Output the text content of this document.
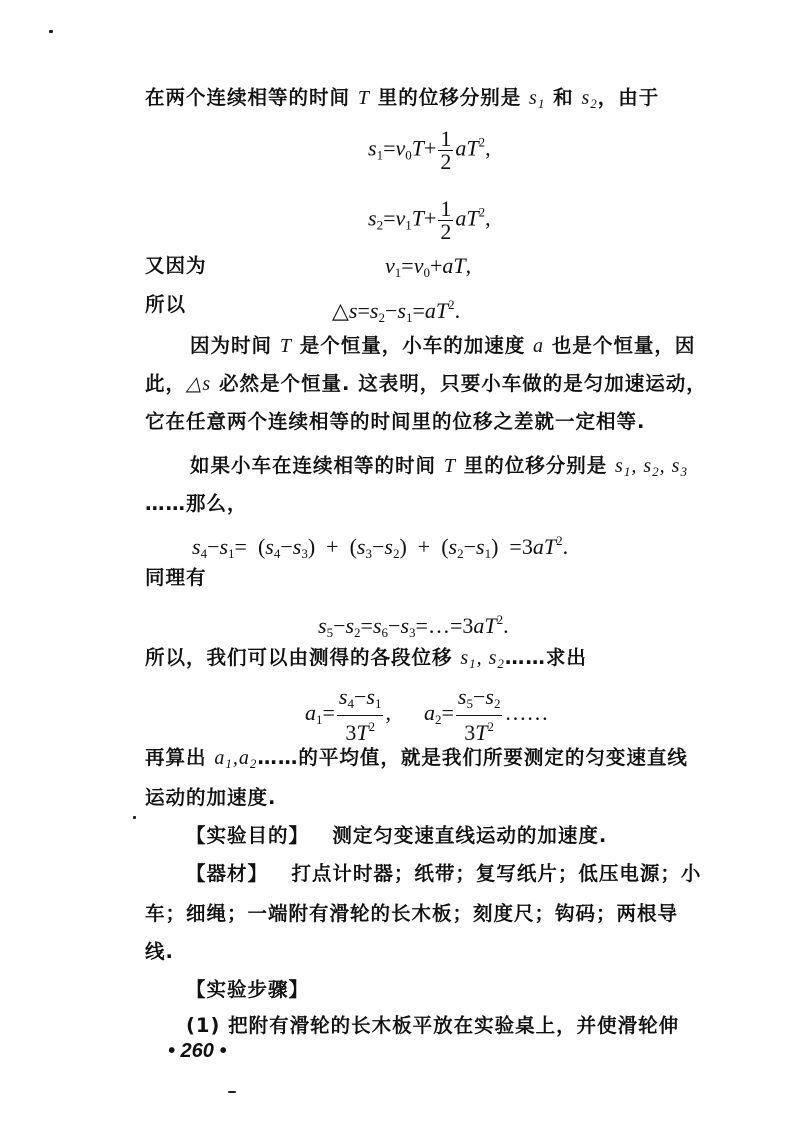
在两个连续相等的时间 T 里的位移分别是 $s_1$ 和 $s_2$，由于
$s_1=v_0T+ \frac{1}{2} aT^2$,
$s_2=v_1T+ \frac{1}{2} aT^2$,
又因为	$v_1=v_0+aT$,
所以	$\triangle s=s_2-s_1=aT^2$.
因为时间 T 是个恒量，小车的加速度 a 也是个恒量，因
此，△s 必然是个恒量. 这表明，只要小车做的是匀加速运动，
它在任意两个连续相等的时间里的位移之差就一定相等.
如果小车在连续相等的时间 T 里的位移分别是 $s_1$, $s_2$, $s_3$
……那么，
$s_4-s_1= (s_4-s_3) + (s_3-s_2) + (s_2-s_1) =3aT^2$.
同理有
$s_5-s_2=s_6-s_3=\dots=3aT^2$.
所以，我们可以由测得的各段位移 $s_1$, $s_2\dots\dots$求出
$a_1= \frac{s_4-s_1}{3T^2}$ , $a_2= \frac{s_5-s_2}{3T^2}$ ……
再算出 $a_1,a_2\dots\dots$的平均值，就是我们所要测定的匀变速直线
运动的加速度.
【实验目的】 测定匀变速直线运动的加速度.
【器材】 打点计时器；纸带；复写纸片；低压电源；小
车；细绳；一端附有滑轮的长木板；刻度尺；钩码；两根导
线.
【实验步骤】
(1) 把附有滑轮的长木板平放在实验桌上，并使滑轮伸
• 260 •
